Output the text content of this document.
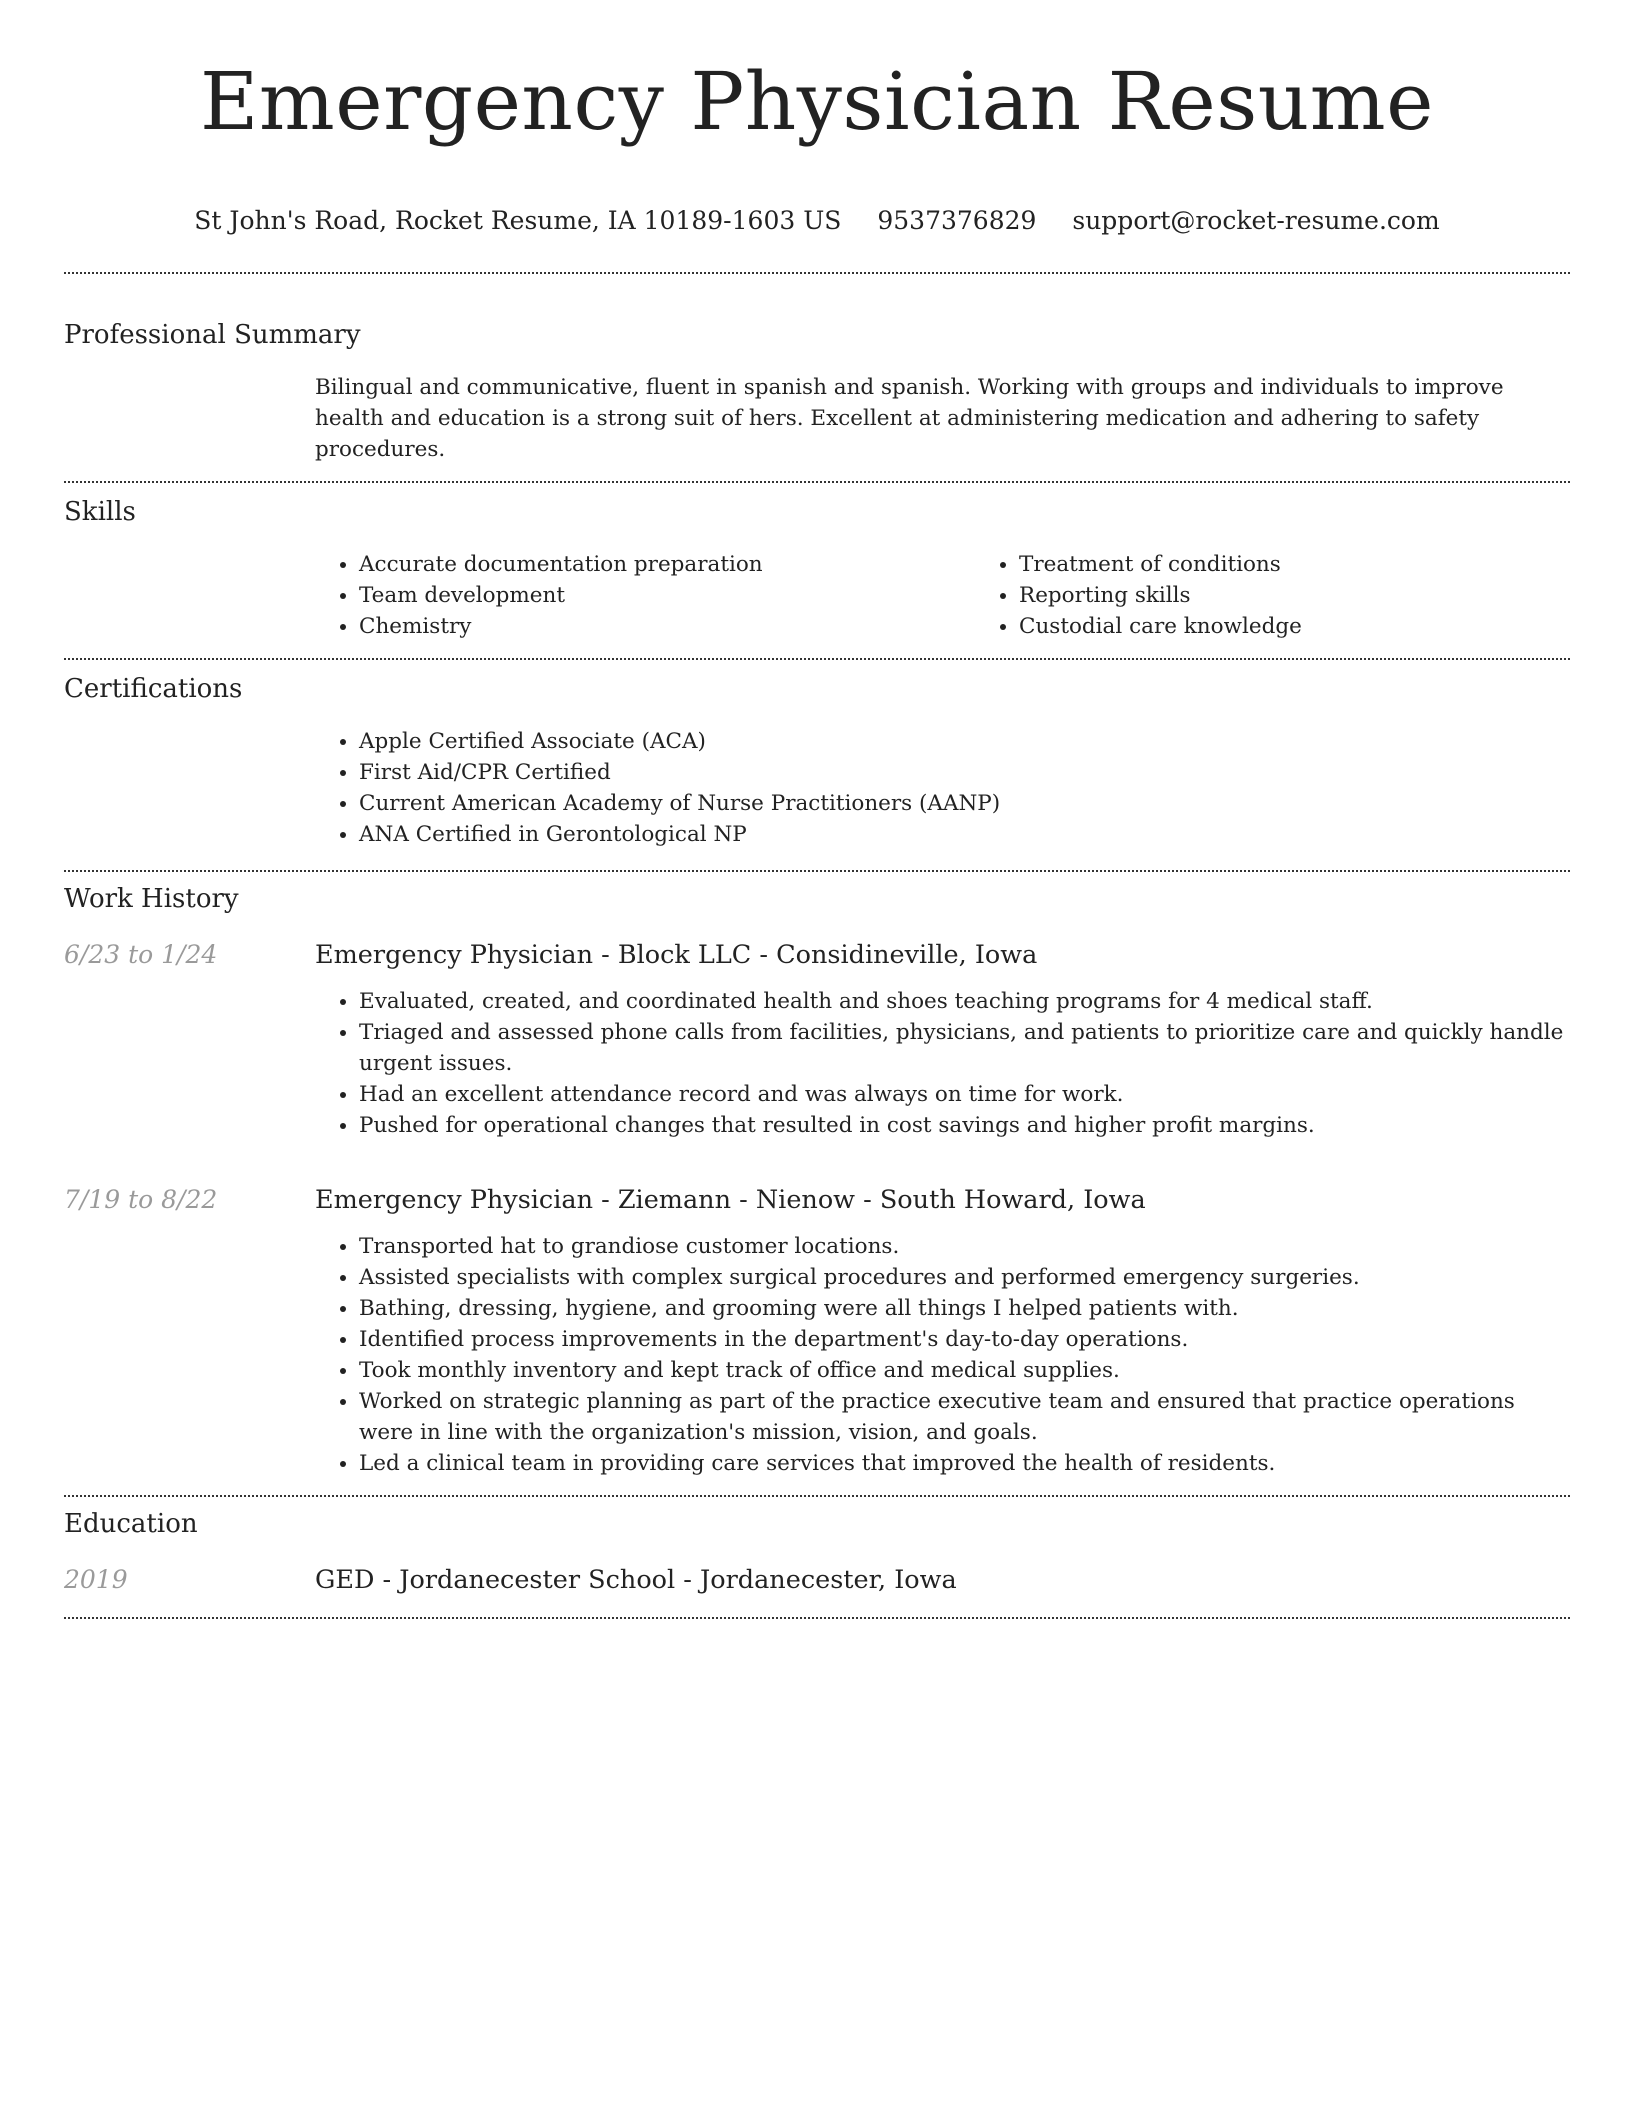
Emergency Physician Resume
St John's Road, Rocket Resume, IA 10189-1603 US 9537376829 support@rocket-resume.com
Professional Summary
Bilingual and communicative, fluent in spanish and spanish. Working with groups and individuals to improve health and education is a strong suit of hers. Excellent at administering medication and adhering to safety procedures.
Skills
• Accurate documentation preparation
• Team development
• Chemistry
• Treatment of conditions
• Reporting skills
• Custodial care knowledge
Certifications
• Apple Certified Associate (ACA)
• First Aid/CPR Certified
• Current American Academy of Nurse Practitioners (AANP)
• ANA Certified in Gerontological NP
Work History
6/23 to 1/24	Emergency Physician - Block LLC - Considineville, Iowa
• Evaluated, created, and coordinated health and shoes teaching programs for 4 medical staff.
• Triaged and assessed phone calls from facilities, physicians, and patients to prioritize care and quickly handle urgent issues.
• Had an excellent attendance record and was always on time for work.
• Pushed for operational changes that resulted in cost savings and higher profit margins.
7/19 to 8/22	Emergency Physician - Ziemann - Nienow - South Howard, Iowa
• Transported hat to grandiose customer locations.
• Assisted specialists with complex surgical procedures and performed emergency surgeries.
• Bathing, dressing, hygiene, and grooming were all things I helped patients with.
• Identified process improvements in the department's day-to-day operations.
• Took monthly inventory and kept track of office and medical supplies.
• Worked on strategic planning as part of the practice executive team and ensured that practice operations were in line with the organization's mission, vision, and goals.
• Led a clinical team in providing care services that improved the health of residents.
Education
2019	GED - Jordanecester School - Jordanecester, Iowa
